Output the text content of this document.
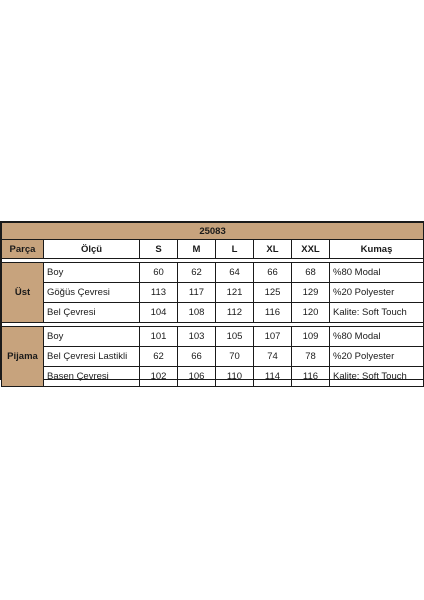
25083							
Parça	Ölçü	S	M	L	XL	XXL	Kumaş

Üst	Boy	60	62	64	66	68	%80 Modal
	Göğüs Çevresi	113	117	121	125	129	%20 Polyester
	Bel Çevresi	104	108	112	116	120	Kalite: Soft Touch

Pijama	Boy	101	103	105	107	109	%80 Modal
	Bel Çevresi Lastikli	62	66	70	74	78	%20 Polyester
	Basen Çevresi	102	106	110	114	116	Kalite: Soft Touch
